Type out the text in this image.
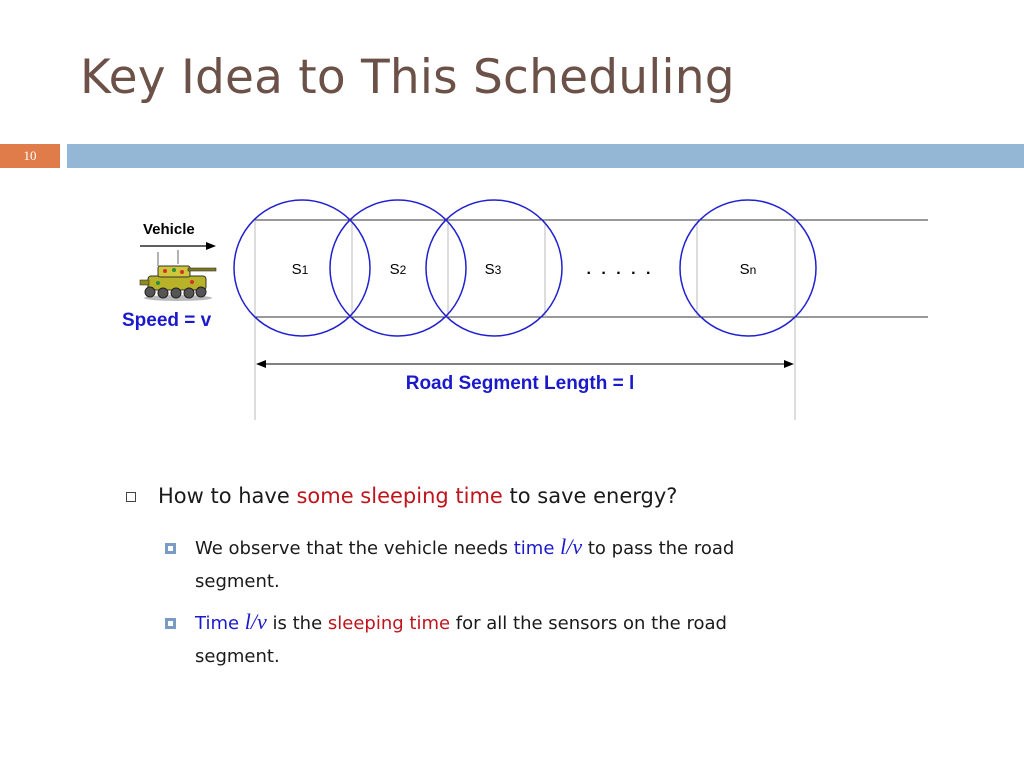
Key Idea to This Scheduling
10
S1	S2	S3	Sn
. . . . .
Vehicle
Speed = v
Road Segment Length = l
How to have some sleeping time to save energy?
We observe that the vehicle needs time l/v to pass the road
segment.
Time l/v is the sleeping time for all the sensors on the road
segment.
